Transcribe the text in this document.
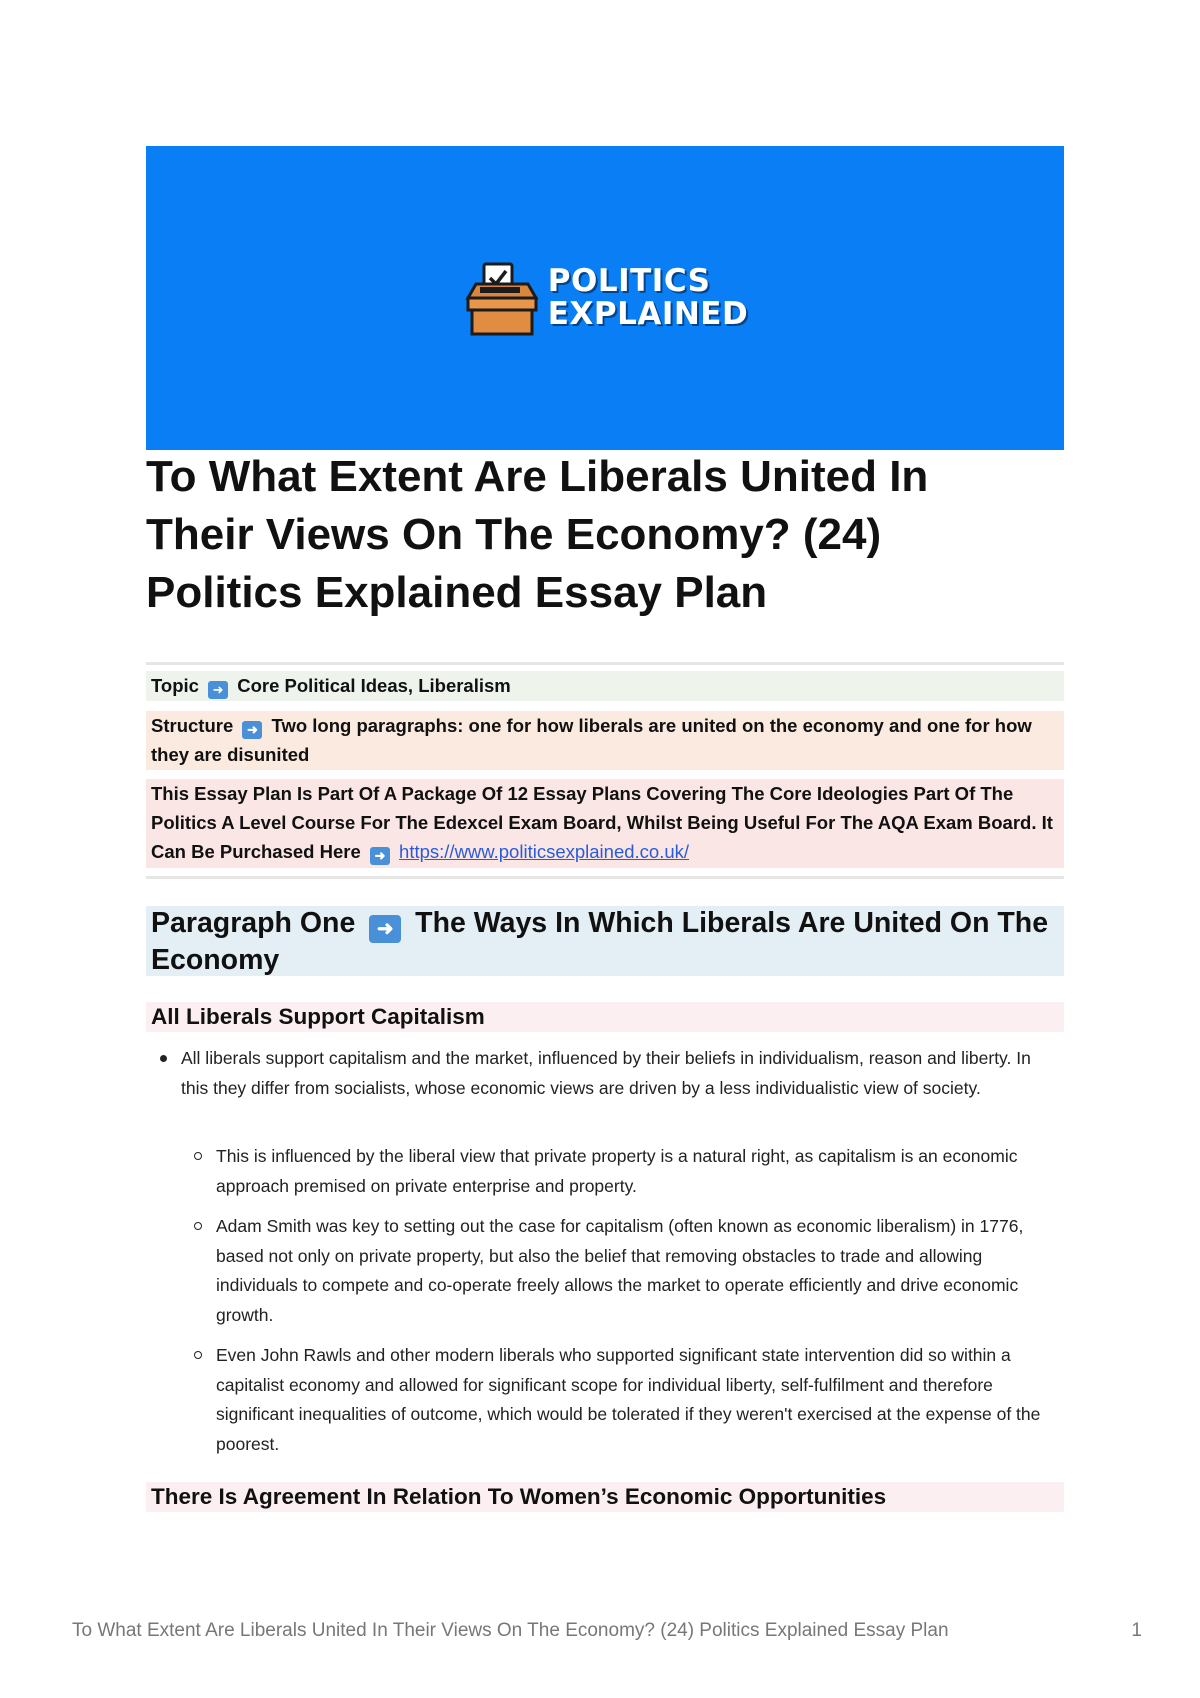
POLITICS
EXPLAINED
To What Extent Are Liberals United In
Their Views On The Economy? (24)
Politics Explained Essay Plan
Topic ➜ Core Political Ideas, Liberalism
Structure ➜ Two long paragraphs: one for how liberals are united on the economy and one for how they are disunited
This Essay Plan Is Part Of A Package Of 12 Essay Plans Covering The Core Ideologies Part Of The Politics A Level Course For The Edexcel Exam Board, Whilst Being Useful For The AQA Exam Board. It Can Be Purchased Here ➜ https://www.politicsexplained.co.uk/
Paragraph One ➜ The Ways In Which Liberals Are United On The Economy
All Liberals Support Capitalism
All liberals support capitalism and the market, influenced by their beliefs in individualism, reason and liberty. In this they differ from socialists, whose economic views are driven by a less individualistic view of society.
This is influenced by the liberal view that private property is a natural right, as capitalism is an economic approach premised on private enterprise and property.
Adam Smith was key to setting out the case for capitalism (often known as economic liberalism) in 1776, based not only on private property, but also the belief that removing obstacles to trade and allowing individuals to compete and co-operate freely allows the market to operate efficiently and drive economic growth.
Even John Rawls and other modern liberals who supported significant state intervention did so within a capitalist economy and allowed for significant scope for individual liberty, self-fulfilment and therefore significant inequalities of outcome, which would be tolerated if they weren't exercised at the expense of the poorest.
There Is Agreement In Relation To Women’s Economic Opportunities
To What Extent Are Liberals United In Their Views On The Economy? (24) Politics Explained Essay Plan	1
